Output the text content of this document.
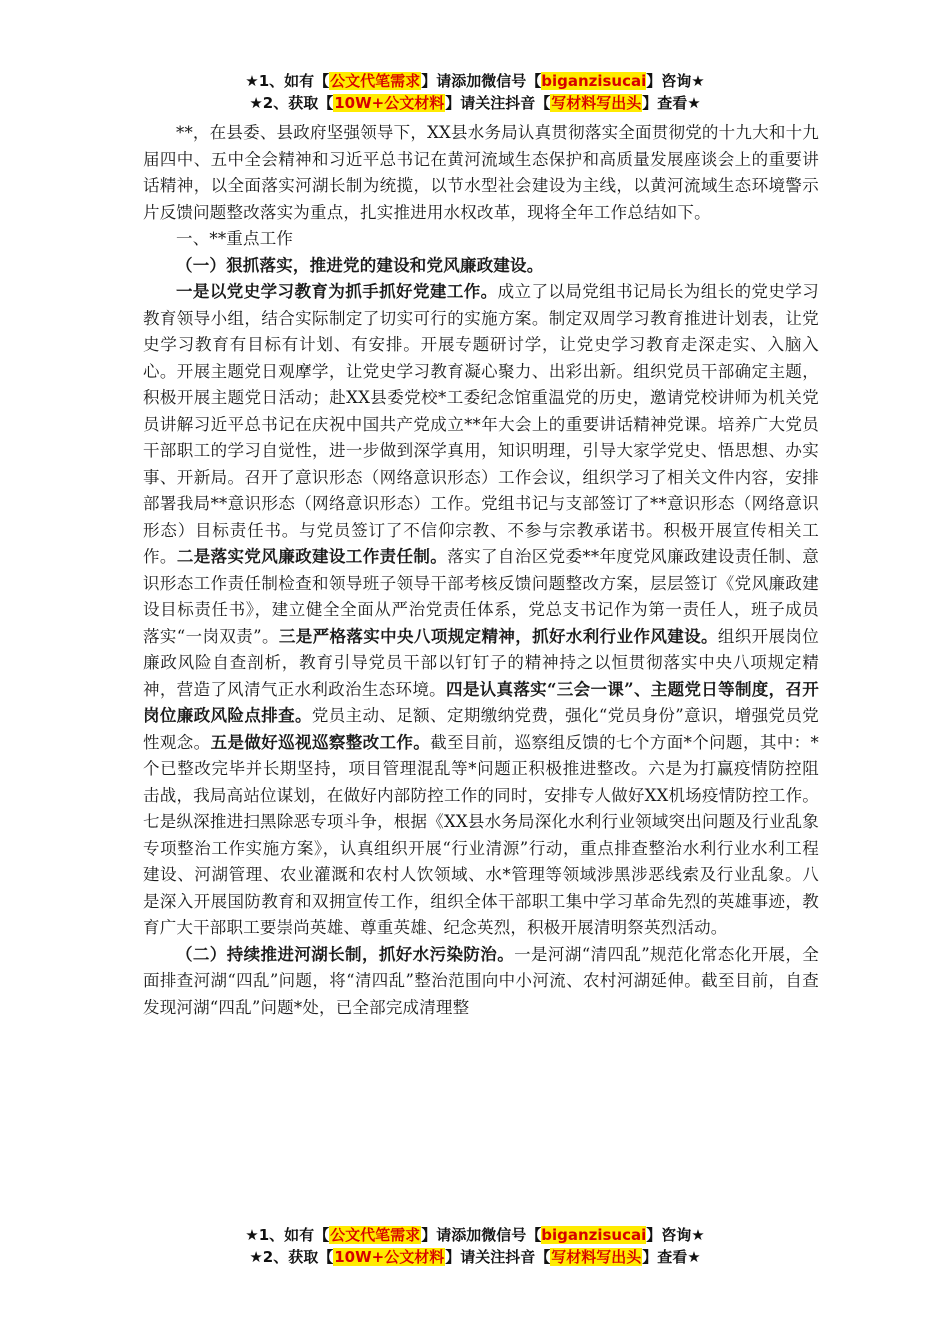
★1、如有【公文代笔需求】请添加微信号【biganzisucai】咨询★
★2、获取【10W+公文材料】请关注抖音【写材料写出头】查看★

**，在县委、县政府坚强领导下，XX县水务局认真贯彻落实全面贯彻党的十九大和十九届四中、五中全会精神和习近平总书记在黄河流域生态保护和高质量发展座谈会上的重要讲话精神，以全面落实河湖长制为统揽，以节水型社会建设为主线，以黄河流域生态环境警示片反馈问题整改落实为重点，扎实推进用水权改革，现将全年工作总结如下。

一、**重点工作

（一）狠抓落实，推进党的建设和党风廉政建设。

一是以党史学习教育为抓手抓好党建工作。成立了以局党组书记局长为组长的党史学习教育领导小组，结合实际制定了切实可行的实施方案。制定双周学习教育推进计划表，让党史学习教育有目标有计划、有安排。开展专题研讨学，让党史学习教育走深走实、入脑入心。开展主题党日观摩学，让党史学习教育凝心聚力、出彩出新。组织党员干部确定主题，积极开展主题党日活动；赴XX县委党校*工委纪念馆重温党的历史，邀请党校讲师为机关党员讲解习近平总书记在庆祝中国共产党成立**年大会上的重要讲话精神党课。培养广大党员干部职工的学习自觉性，进一步做到深学真用，知识明理，引导大家学党史、悟思想、办实事、开新局。召开了意识形态（网络意识形态）工作会议，组织学习了相关文件内容，安排部署我局**意识形态（网络意识形态）工作。党组书记与支部签订了**意识形态（网络意识形态）目标责任书。与党员签订了不信仰宗教、不参与宗教承诺书。积极开展宣传相关工作。二是落实党风廉政建设工作责任制。落实了自治区党委**年度党风廉政建设责任制、意识形态工作责任制检查和领导班子领导干部考核反馈问题整改方案，层层签订《党风廉政建设目标责任书》，建立健全全面从严治党责任体系，党总支书记作为第一责任人，班子成员落实“一岗双责”。三是严格落实中央八项规定精神，抓好水利行业作风建设。组织开展岗位廉政风险自查剖析，教育引导党员干部以钉钉子的精神持之以恒贯彻落实中央八项规定精神，营造了风清气正水利政治生态环境。四是认真落实“三会一课”、主题党日等制度，召开岗位廉政风险点排查。党员主动、足额、定期缴纳党费，强化“党员身份”意识，增强党员党性观念。五是做好巡视巡察整改工作。截至目前，巡察组反馈的七个方面*个问题，其中：*个已整改完毕并长期坚持，项目管理混乱等*问题正积极推进整改。六是为打赢疫情防控阻击战，我局高站位谋划，在做好内部防控工作的同时，安排专人做好XX机场疫情防控工作。七是纵深推进扫黑除恶专项斗争，根据《XX县水务局深化水利行业领域突出问题及行业乱象专项整治工作实施方案》，认真组织开展“行业清源”行动，重点排查整治水利行业水利工程建设、河湖管理、农业灌溉和农村人饮领域、水*管理等领域涉黑涉恶线索及行业乱象。八是深入开展国防教育和双拥宣传工作，组织全体干部职工集中学习革命先烈的英雄事迹，教育广大干部职工要崇尚英雄、尊重英雄、纪念英烈，积极开展清明祭英烈活动。

（二）持续推进河湖长制，抓好水污染防治。一是河湖“清四乱”规范化常态化开展，全面排查河湖“四乱”问题，将“清四乱”整治范围向中小河流、农村河湖延伸。截至目前，自查发现河湖“四乱”问题*处，已全部完成清理整

★1、如有【公文代笔需求】请添加微信号【biganzisucai】咨询★
★2、获取【10W+公文材料】请关注抖音【写材料写出头】查看★
